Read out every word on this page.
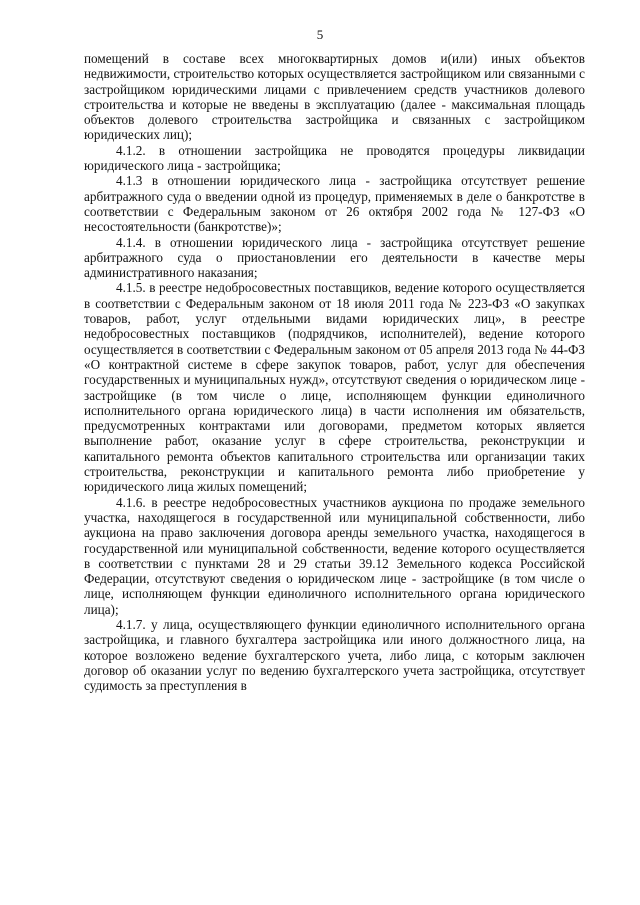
5

помещений в составе всех многоквартирных домов и(или) иных объектов недвижимости, строительство которых осуществляется застройщиком или связанными с застройщиком юридическими лицами с привлечением средств участников долевого строительства и которые не введены в эксплуатацию (далее - максимальная площадь объектов долевого строительства застройщика и связанных с застройщиком юридических лиц);

4.1.2. в отношении застройщика не проводятся процедуры ликвидации юридического лица - застройщика;

4.1.3 в отношении юридического лица - застройщика отсутствует решение арбитражного суда о введении одной из процедур, применяемых в деле о банкротстве в соответствии с Федеральным законом от 26 октября 2002 года № 127-ФЗ «О несостоятельности (банкротстве)»;

4.1.4. в отношении юридического лица - застройщика отсутствует решение арбитражного суда о приостановлении его деятельности в качестве меры административного наказания;

4.1.5. в реестре недобросовестных поставщиков, ведение которого осуществляется в соответствии с Федеральным законом от 18 июля 2011 года № 223-ФЗ «О закупках товаров, работ, услуг отдельными видами юридических лиц», в реестре недобросовестных поставщиков (подрядчиков, исполнителей), ведение которого осуществляется в соответствии с Федеральным законом от 05 апреля 2013 года № 44-ФЗ «О контрактной системе в сфере закупок товаров, работ, услуг для обеспечения государственных и муниципальных нужд», отсутствуют сведения о юридическом лице - застройщике (в том числе о лице, исполняющем функции единоличного исполнительного органа юридического лица) в части исполнения им обязательств, предусмотренных контрактами или договорами, предметом которых является выполнение работ, оказание услуг в сфере строительства, реконструкции и капитального ремонта объектов капитального строительства или организации таких строительства, реконструкции и капитального ремонта либо приобретение у юридического лица жилых помещений;

4.1.6. в реестре недобросовестных участников аукциона по продаже земельного участка, находящегося в государственной или муниципальной собственности, либо аукциона на право заключения договора аренды земельного участка, находящегося в государственной или муниципальной собственности, ведение которого осуществляется в соответствии с пунктами 28 и 29 статьи 39.12 Земельного кодекса Российской Федерации, отсутствуют сведения о юридическом лице - застройщике (в том числе о лице, исполняющем функции единоличного исполнительного органа юридического лица);

4.1.7. у лица, осуществляющего функции единоличного исполнительного органа застройщика, и главного бухгалтера застройщика или иного должностного лица, на которое возложено ведение бухгалтерского учета, либо лица, с которым заключен договор об оказании услуг по ведению бухгалтерского учета застройщика, отсутствует судимость за преступления в
